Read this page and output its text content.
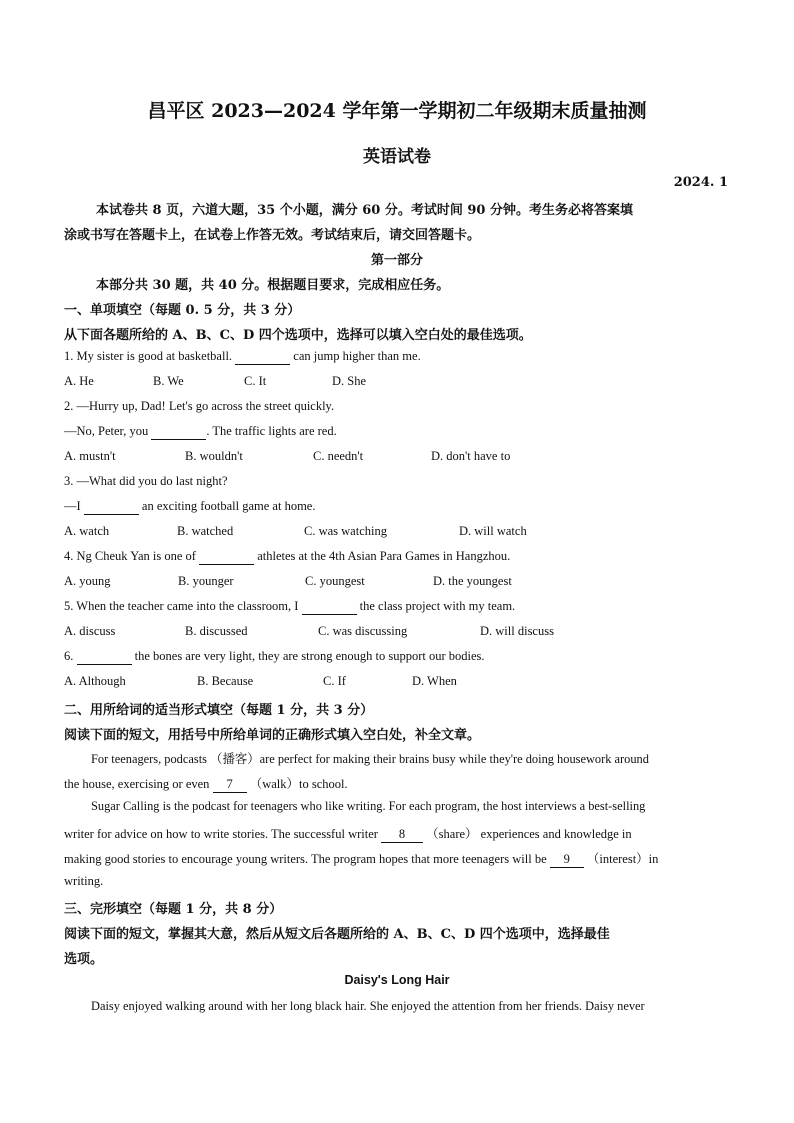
昌平区 2023—2024 学年第一学期初二年级期末质量抽测
英语试卷
2024. 1
本试卷共 8 页，六道大题，35 个小题，满分 60 分。考试时间 90 分钟。考生务必将答案填
涂或书写在答题卡上，在试卷上作答无效。考试结束后，请交回答题卡。
第一部分
本部分共 30 题，共 40 分。根据题目要求，完成相应任务。
一、单项填空（每题 0. 5 分，共 3 分）
从下面各题所给的 A、B、C、D 四个选项中，选择可以填入空白处的最佳选项。
1. My sister is good at basketball.	can jump higher than me.
A. He	B. We	C. It	D. She
2. —Hurry up, Dad! Let's go across the street quickly.
—No, Peter, you	. The traffic lights are red.
A. mustn't	B. wouldn't	C. needn't	D. don't have to
3. —What did you do last night?
—I	an exciting football game at home.
A. watch	B. watched	C. was watching	D. will watch
4. Ng Cheuk Yan is one of	athletes at the 4th Asian Para Games in Hangzhou.
A. young	B. younger	C. youngest	D. the youngest
5. When the teacher came into the classroom, I	the class project with my team.
A. discuss	B. discussed	C. was discussing	D. will discuss
6.	the bones are very light, they are strong enough to support our bodies.
A. Although	B. Because	C. If	D. When
二、用所给词的适当形式填空（每题 1 分，共 3 分）
阅读下面的短文，用括号中所给单词的正确形式填入空白处，补全文章。
For teenagers, podcasts （播客）are perfect for making their brains busy while they're doing housework around
the house, exercising or even 7 （walk）to school.
Sugar Calling is the podcast for teenagers who like writing. For each program, the host interviews a best-selling
writer for advice on how to write stories. The successful writer 8 （share） experiences and knowledge in
making good stories to encourage young writers. The program hopes that more teenagers will be 9 （interest）in
writing.
三、完形填空（每题 1 分，共 8 分）
阅读下面的短文，掌握其大意，然后从短文后各题所给的 A、B、C、D 四个选项中，选择最佳
选项。
Daisy's Long Hair
Daisy enjoyed walking around with her long black hair. She enjoyed the attention from her friends. Daisy never
